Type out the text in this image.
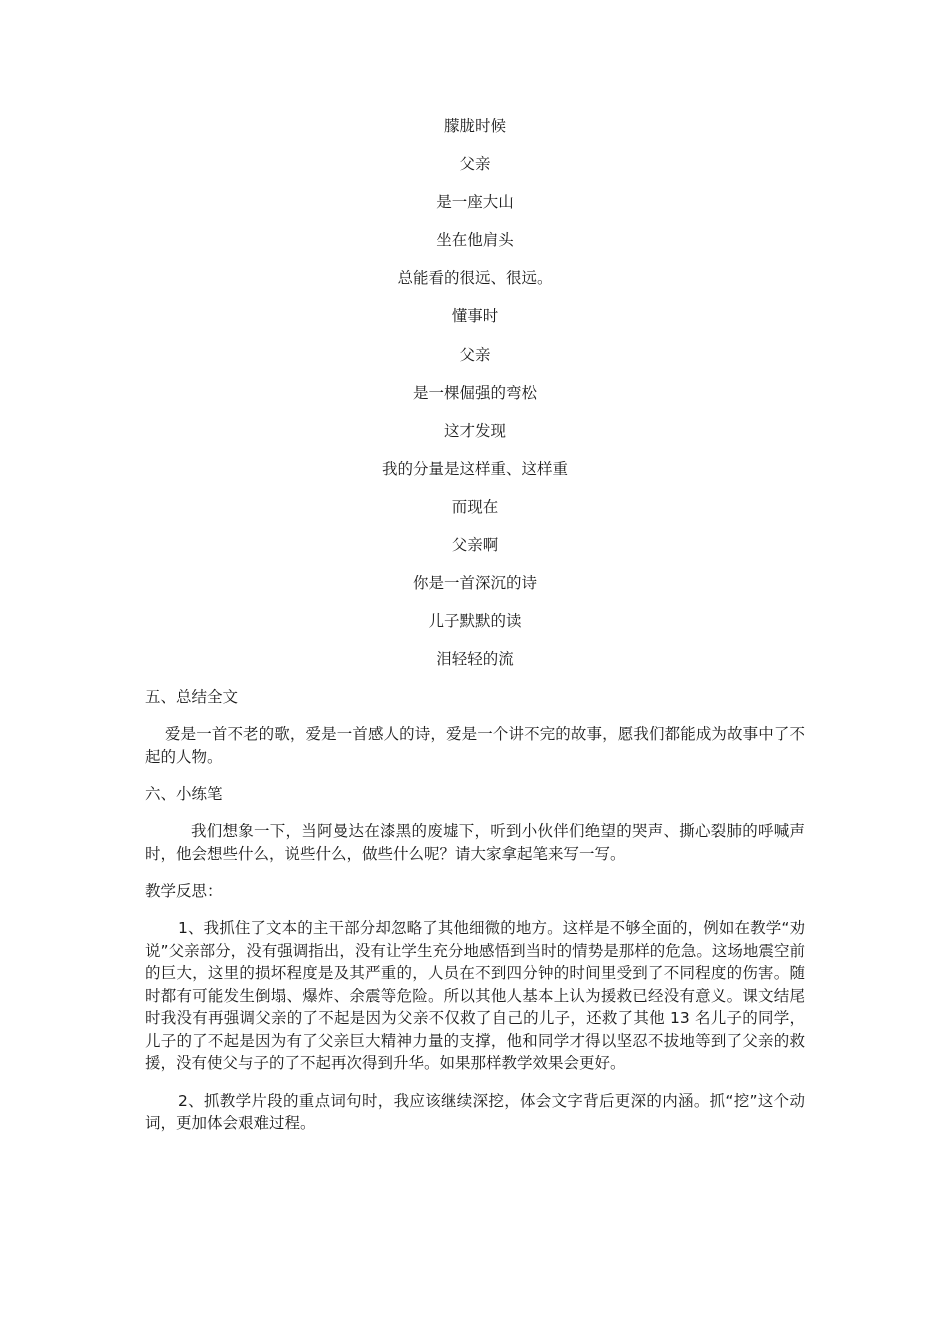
朦胧时候

父亲

是一座大山

坐在他肩头

总能看的很远、很远。

懂事时

父亲

是一棵倔强的弯松

这才发现

我的分量是这样重、这样重

而现在

父亲啊

你是一首深沉的诗

儿子默默的读

泪轻轻的流

五、总结全文

爱是一首不老的歌，爱是一首感人的诗，爱是一个讲不完的故事，愿我们都能成为故事中了不起的人物。

六、小练笔

我们想象一下，当阿曼达在漆黑的废墟下，听到小伙伴们绝望的哭声、撕心裂肺的呼喊声时，他会想些什么，说些什么，做些什么呢？请大家拿起笔来写一写。

教学反思：

1、我抓住了文本的主干部分却忽略了其他细微的地方。这样是不够全面的，例如在教学“劝说”父亲部分，没有强调指出，没有让学生充分地感悟到当时的情势是那样的危急。这场地震空前的巨大，这里的损坏程度是及其严重的，人员在不到四分钟的时间里受到了不同程度的伤害。随时都有可能发生倒塌、爆炸、余震等危险。所以其他人基本上认为援救已经没有意义。课文结尾时我没有再强调父亲的了不起是因为父亲不仅救了自己的儿子，还救了其他 13 名儿子的同学，儿子的了不起是因为有了父亲巨大精神力量的支撑，他和同学才得以坚忍不拔地等到了父亲的救援，没有使父与子的了不起再次得到升华。如果那样教学效果会更好。

2、抓教学片段的重点词句时，我应该继续深挖，体会文字背后更深的内涵。抓“挖”这个动词，更加体会艰难过程。
